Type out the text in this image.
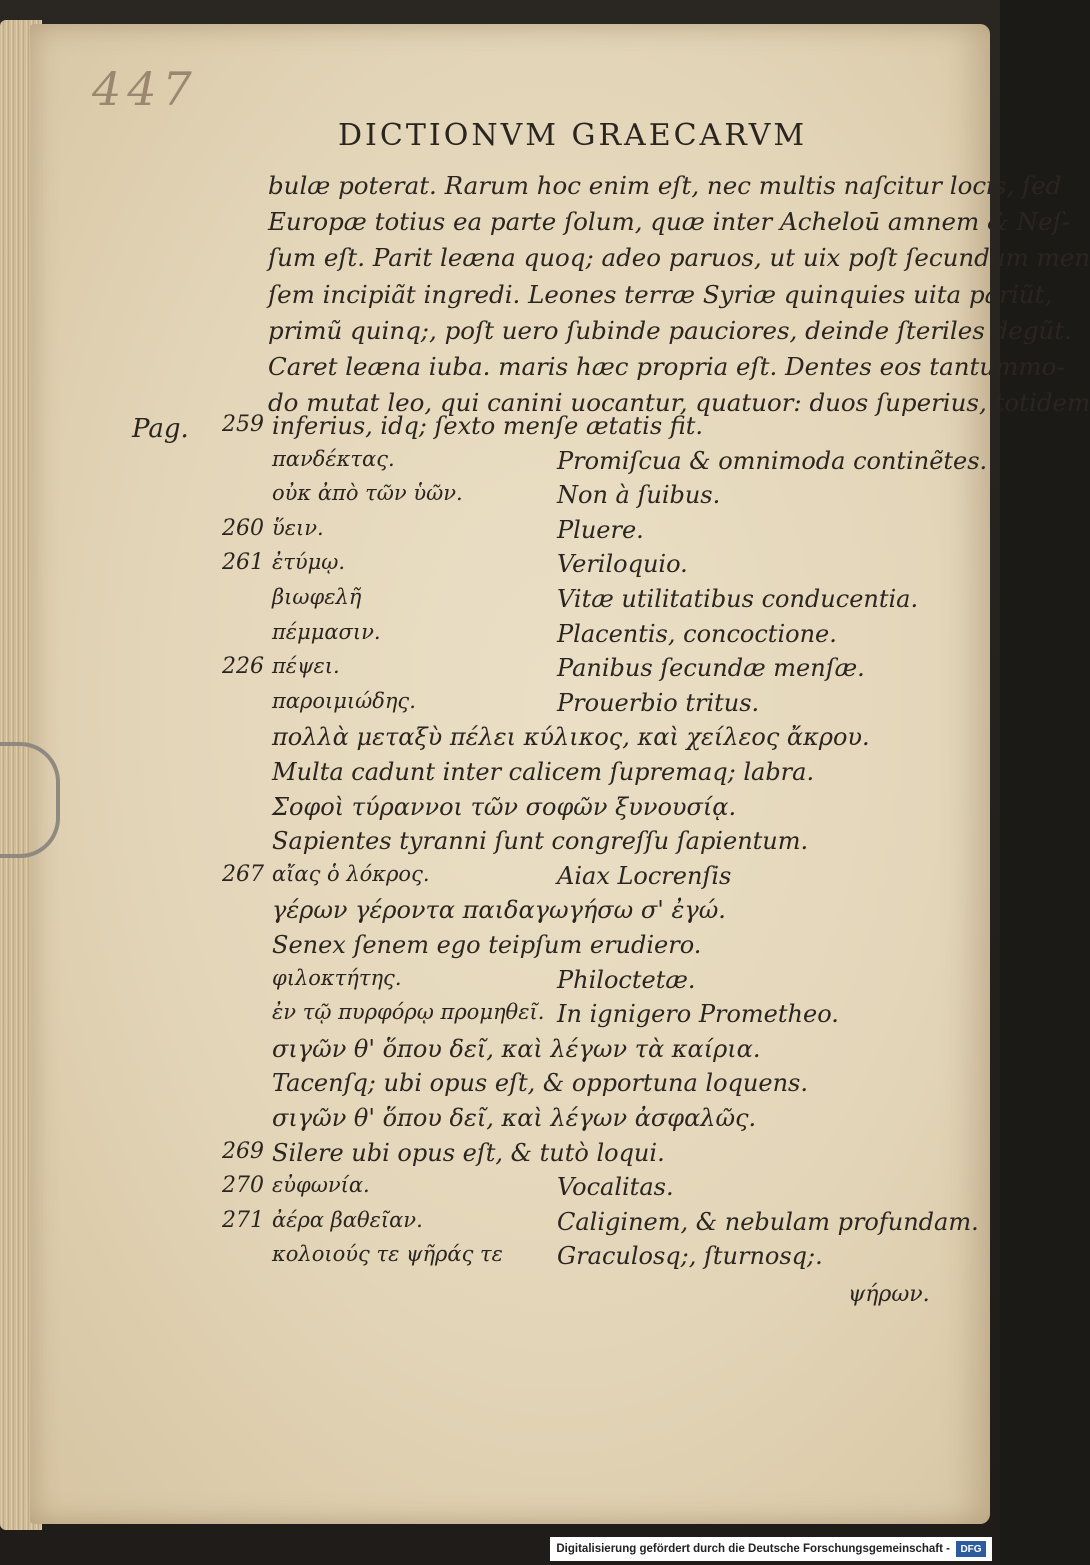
447
DICTIONVM GRAECARVM
bulæ poterat. Rarum hoc enim eſt, nec multis naſcitur locis, ſed
Europæ totius ea parte ſolum, quæ inter Acheloū amnem & Neſ-
ſum eſt. Parit leæna quoq; adeo paruos, ut uix poſt ſecundum men
ſem incipiãt ingredi. Leones terræ Syriæ quinquies uita pariũt,
primũ quinq;, poſt uero ſubinde pauciores, deinde ſteriles degũt.
Caret leæna iuba. maris hæc propria eſt. Dentes eos tantummo-
do mutat leo, qui canini uocantur, quatuor: duos ſuperius, totidem
Pag.	259 inferius, idq; ſexto menſe ætatis fit.
πανδέκτας.	Promiſcua & omnimoda continẽtes.
οὐκ ἀπὸ τῶν ὑῶν.	Non à ſuibus.
260 ὕειν.	Pluere.
261 ἐτύμῳ.	Veriloquio.
βιωφελῆ	Vitæ utilitatibus conducentia.
πέμμασιν.	Placentis, concoctione.
226 πέψει.	Panibus ſecundæ menſæ.
παροιμιώδης.	Prouerbio tritus.
πολλὰ μεταξὺ πέλει κύλικος, καὶ χείλεος ἄκρου.
Multa cadunt inter calicem ſupremaq; labra.
Σοφοὶ τύραννοι τῶν σοφῶν ξυνουσίᾳ.
Sapientes tyranni ſunt congreſſu ſapientum.
267 αἴας ὁ λόκρος.	Aiax Locrenſis
γέρων γέροντα παιδαγωγήσω σ' ἐγώ.
Senex ſenem ego teipſum erudiero.
φιλοκτήτης.	Philoctetæ.
ἐν τῷ πυρφόρῳ προμηθεῖ. In ignigero Prometheo.
σιγῶν θ' ὅπου δεῖ, καὶ λέγων τὰ καίρια.
Tacenſq; ubi opus eſt, & opportuna loquens.
σιγῶν θ' ὅπου δεῖ, καὶ λέγων ἀσφαλῶς.
269 Silere ubi opus eſt, & tutò loqui.
270 εὐφωνία.	Vocalitas.
271 ἀέρα βαθεῖαν.	Caliginem, & nebulam profundam.
κολοιούς τε ψῆράς τε Graculosq;, ſturnosq;.
ψήρων.
Digitalisierung gefördert durch die Deutsche Forschungsgemeinschaft -	DFG
